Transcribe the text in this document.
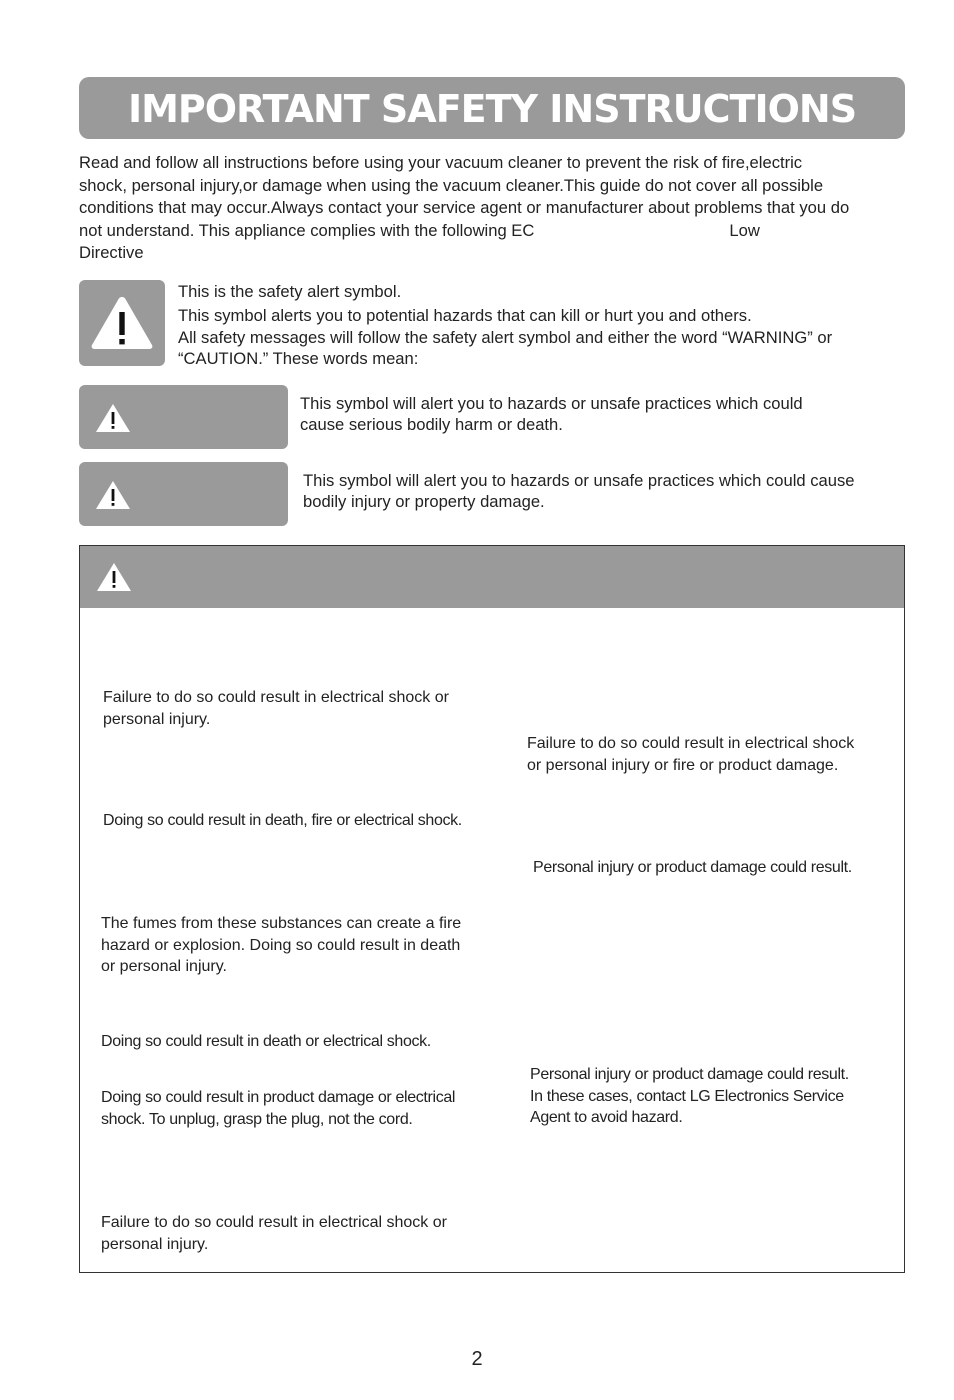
IMPORTANT SAFETY INSTRUCTIONS
Read and follow all instructions before using your vacuum cleaner to prevent the risk of fire,electric
shock, personal injury,or damage when using the vacuum cleaner.This guide do not cover all possible
conditions that may occur.Always contact your service agent or manufacturer about problems that you do
not understand. This appliance complies with the following EC	Low
Directive
This is the safety alert symbol.
This symbol alerts you to potential hazards that can kill or hurt you and others.
All safety messages will follow the safety alert symbol and either the word “WARNING” or
“CAUTION.” These words mean:
This symbol will alert you to hazards or unsafe practices which could
cause serious bodily harm or death.
This symbol will alert you to hazards or unsafe practices which could cause
bodily injury or property damage.
Failure to do so could result in electrical shock or
personal injury.
Doing so could result in death, fire or electrical shock.
The fumes from these substances can create a fire
hazard or explosion. Doing so could result in death
or personal injury.
Doing so could result in death or electrical shock.
Doing so could result in product damage or electrical
shock. To unplug, grasp the plug, not the cord.
Failure to do so could result in electrical shock or
personal injury.
Failure to do so could result in electrical shock
or personal injury or fire or product damage.
Personal injury or product damage could result.
Personal injury or product damage could result.
In these cases, contact LG Electronics Service
Agent to avoid hazard.
2
